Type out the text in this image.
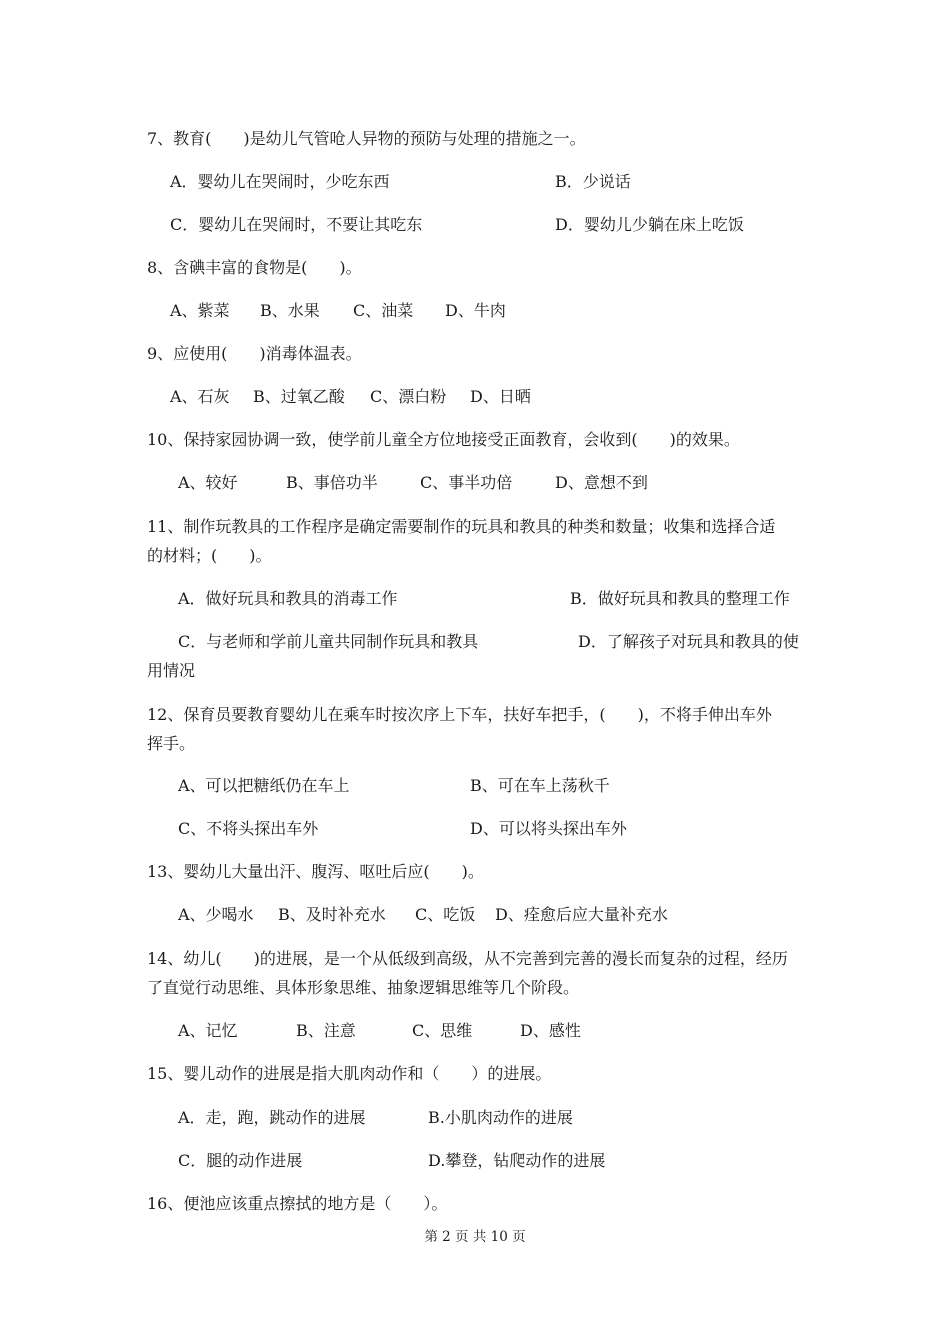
7、教育(　　)是幼儿气管呛人异物的预防与处理的措施之一。
A．婴幼儿在哭闹时，少吃东西	B．少说话
C．婴幼儿在哭闹时，不要让其吃东	D．婴幼儿少躺在床上吃饭
8、含碘丰富的食物是(　　)。
A、紫菜 B、水果 C、油菜 D、牛肉
9、应使用(　　)消毒体温表。
A、石灰 B、过氧乙酸 C、漂白粉 D、日晒
10、保持家园协调一致，使学前儿童全方位地接受正面教育，会收到(　　)的效果。
A、较好	B、事倍功半	C、事半功倍	D、意想不到
11、制作玩教具的工作程序是确定需要制作的玩具和教具的种类和数量；收集和选择合适
的材料；(　　)。
A．做好玩具和教具的消毒工作	B．做好玩具和教具的整理工作
C．与老师和学前儿童共同制作玩具和教具	D．了解孩子对玩具和教具的使
用情况
12、保育员要教育婴幼儿在乘车时按次序上下车，扶好车把手，(　　)，不将手伸出车外
挥手。
A、可以把糖纸仍在车上	B、可在车上荡秋千
C、不将头探出车外	D、可以将头探出车外
13、婴幼儿大量出汗、腹泻、呕吐后应(　　)。
A、少喝水 B、及时补充水 C、吃饭 D、痊愈后应大量补充水
14、幼儿(　　)的进展，是一个从低级到高级，从不完善到完善的漫长而复杂的过程，经历
了直觉行动思维、具体形象思维、抽象逻辑思维等几个阶段。
A、记忆	B、注意	C、思维	D、感性
15、婴儿动作的进展是指大肌肉动作和（　　）的进展。
A．走，跑，跳动作的进展	B.小肌肉动作的进展
C．腿的动作进展	D.攀登，钻爬动作的进展
16、便池应该重点擦拭的地方是（　　）。
第 2 页 共 10 页
